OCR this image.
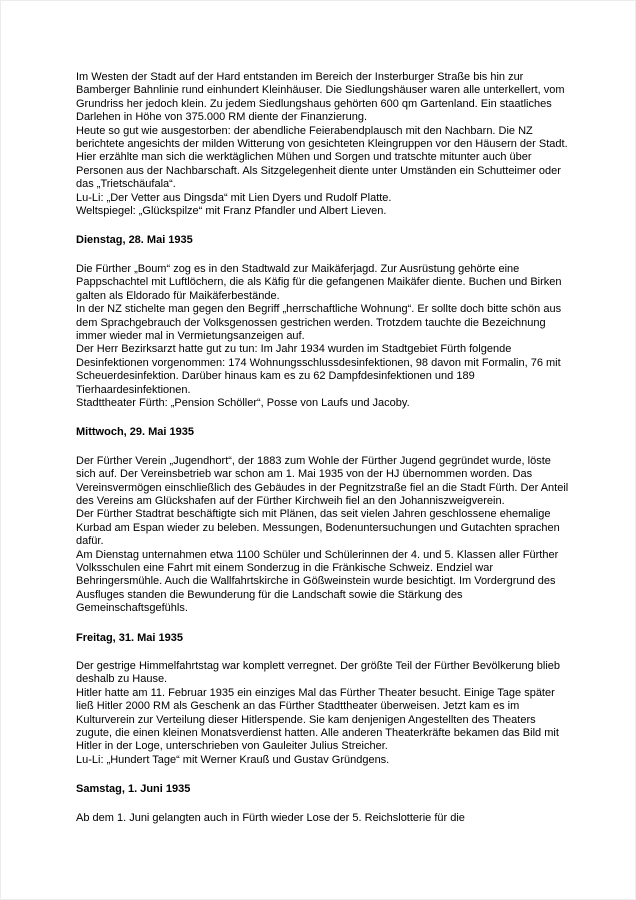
Im Westen der Stadt auf der Hard entstanden im Bereich der Insterburger Straße bis hin zur Bamberger Bahnlinie rund einhundert Kleinhäuser. Die Siedlungshäuser waren alle unterkellert, vom Grundriss her jedoch klein. Zu jedem Siedlungshaus gehörten 600 qm Gartenland. Ein staatliches Darlehen in Höhe von 375.000 RM diente der Finanzierung.

Heute so gut wie ausgestorben: der abendliche Feierabendplausch mit den Nachbarn. Die NZ berichtete angesichts der milden Witterung von gesichteten Kleingruppen vor den Häusern der Stadt. Hier erzählte man sich die werktäglichen Mühen und Sorgen und tratschte mitunter auch über Personen aus der Nachbarschaft. Als Sitzgelegenheit diente unter Umständen ein Schutteimer oder das „Trietschäufala“.

Lu-Li: „Der Vetter aus Dingsda“ mit Lien Dyers und Rudolf Platte.

Weltspiegel: „Glückspilze“ mit Franz Pfandler und Albert Lieven.

Dienstag, 28. Mai 1935

Die Fürther „Boum“ zog es in den Stadtwald zur Maikäferjagd. Zur Ausrüstung gehörte eine Pappschachtel mit Luftlöchern, die als Käfig für die gefangenen Maikäfer diente. Buchen und Birken galten als Eldorado für Maikäferbestände.

In der NZ stichelte man gegen den Begriff „herrschaftliche Wohnung“. Er sollte doch bitte schön aus dem Sprachgebrauch der Volksgenossen gestrichen werden. Trotzdem tauchte die Bezeichnung immer wieder mal in Vermietungsanzeigen auf.

Der Herr Bezirksarzt hatte gut zu tun: Im Jahr 1934 wurden im Stadtgebiet Fürth folgende Desinfektionen vorgenommen: 174 Wohnungsschlussdesinfektionen, 98 davon mit Formalin, 76 mit Scheuerdesinfektion. Darüber hinaus kam es zu 62 Dampfdesinfektionen und 189 Tierhaardesinfektionen.

Stadttheater Fürth: „Pension Schöller“, Posse von Laufs und Jacoby.

Mittwoch, 29. Mai 1935

Der Fürther Verein „Jugendhort“, der 1883 zum Wohle der Fürther Jugend gegründet wurde, löste sich auf. Der Vereinsbetrieb war schon am 1. Mai 1935 von der HJ übernommen worden. Das Vereinsvermögen einschließlich des Gebäudes in der Pegnitzstraße fiel an die Stadt Fürth. Der Anteil des Vereins am Glückshafen auf der Fürther Kirchweih fiel an den Johanniszweigverein.

Der Fürther Stadtrat beschäftigte sich mit Plänen, das seit vielen Jahren geschlossene ehemalige Kurbad am Espan wieder zu beleben. Messungen, Bodenuntersuchungen und Gutachten sprachen dafür.

Am Dienstag unternahmen etwa 1100 Schüler und Schülerinnen der 4. und 5. Klassen aller Fürther Volksschulen eine Fahrt mit einem Sonderzug in die Fränkische Schweiz. Endziel war Behringersmühle. Auch die Wallfahrtskirche in Gößweinstein wurde besichtigt. Im Vordergrund des Ausfluges standen die Bewunderung für die Landschaft sowie die Stärkung des Gemeinschaftsgefühls.

Freitag, 31. Mai 1935

Der gestrige Himmelfahrtstag war komplett verregnet. Der größte Teil der Fürther Bevölkerung blieb deshalb zu Hause.

Hitler hatte am 11. Februar 1935 ein einziges Mal das Fürther Theater besucht. Einige Tage später ließ Hitler 2000 RM als Geschenk an das Fürther Stadttheater überweisen. Jetzt kam es im Kulturverein zur Verteilung dieser Hitlerspende. Sie kam denjenigen Angestellten des Theaters zugute, die einen kleinen Monatsverdienst hatten. Alle anderen Theaterkräfte bekamen das Bild mit Hitler in der Loge, unterschrieben von Gauleiter Julius Streicher.

Lu-Li: „Hundert Tage“ mit Werner Krauß und Gustav Gründgens.

Samstag, 1. Juni 1935

Ab dem 1. Juni gelangten auch in Fürth wieder Lose der 5. Reichslotterie für die
